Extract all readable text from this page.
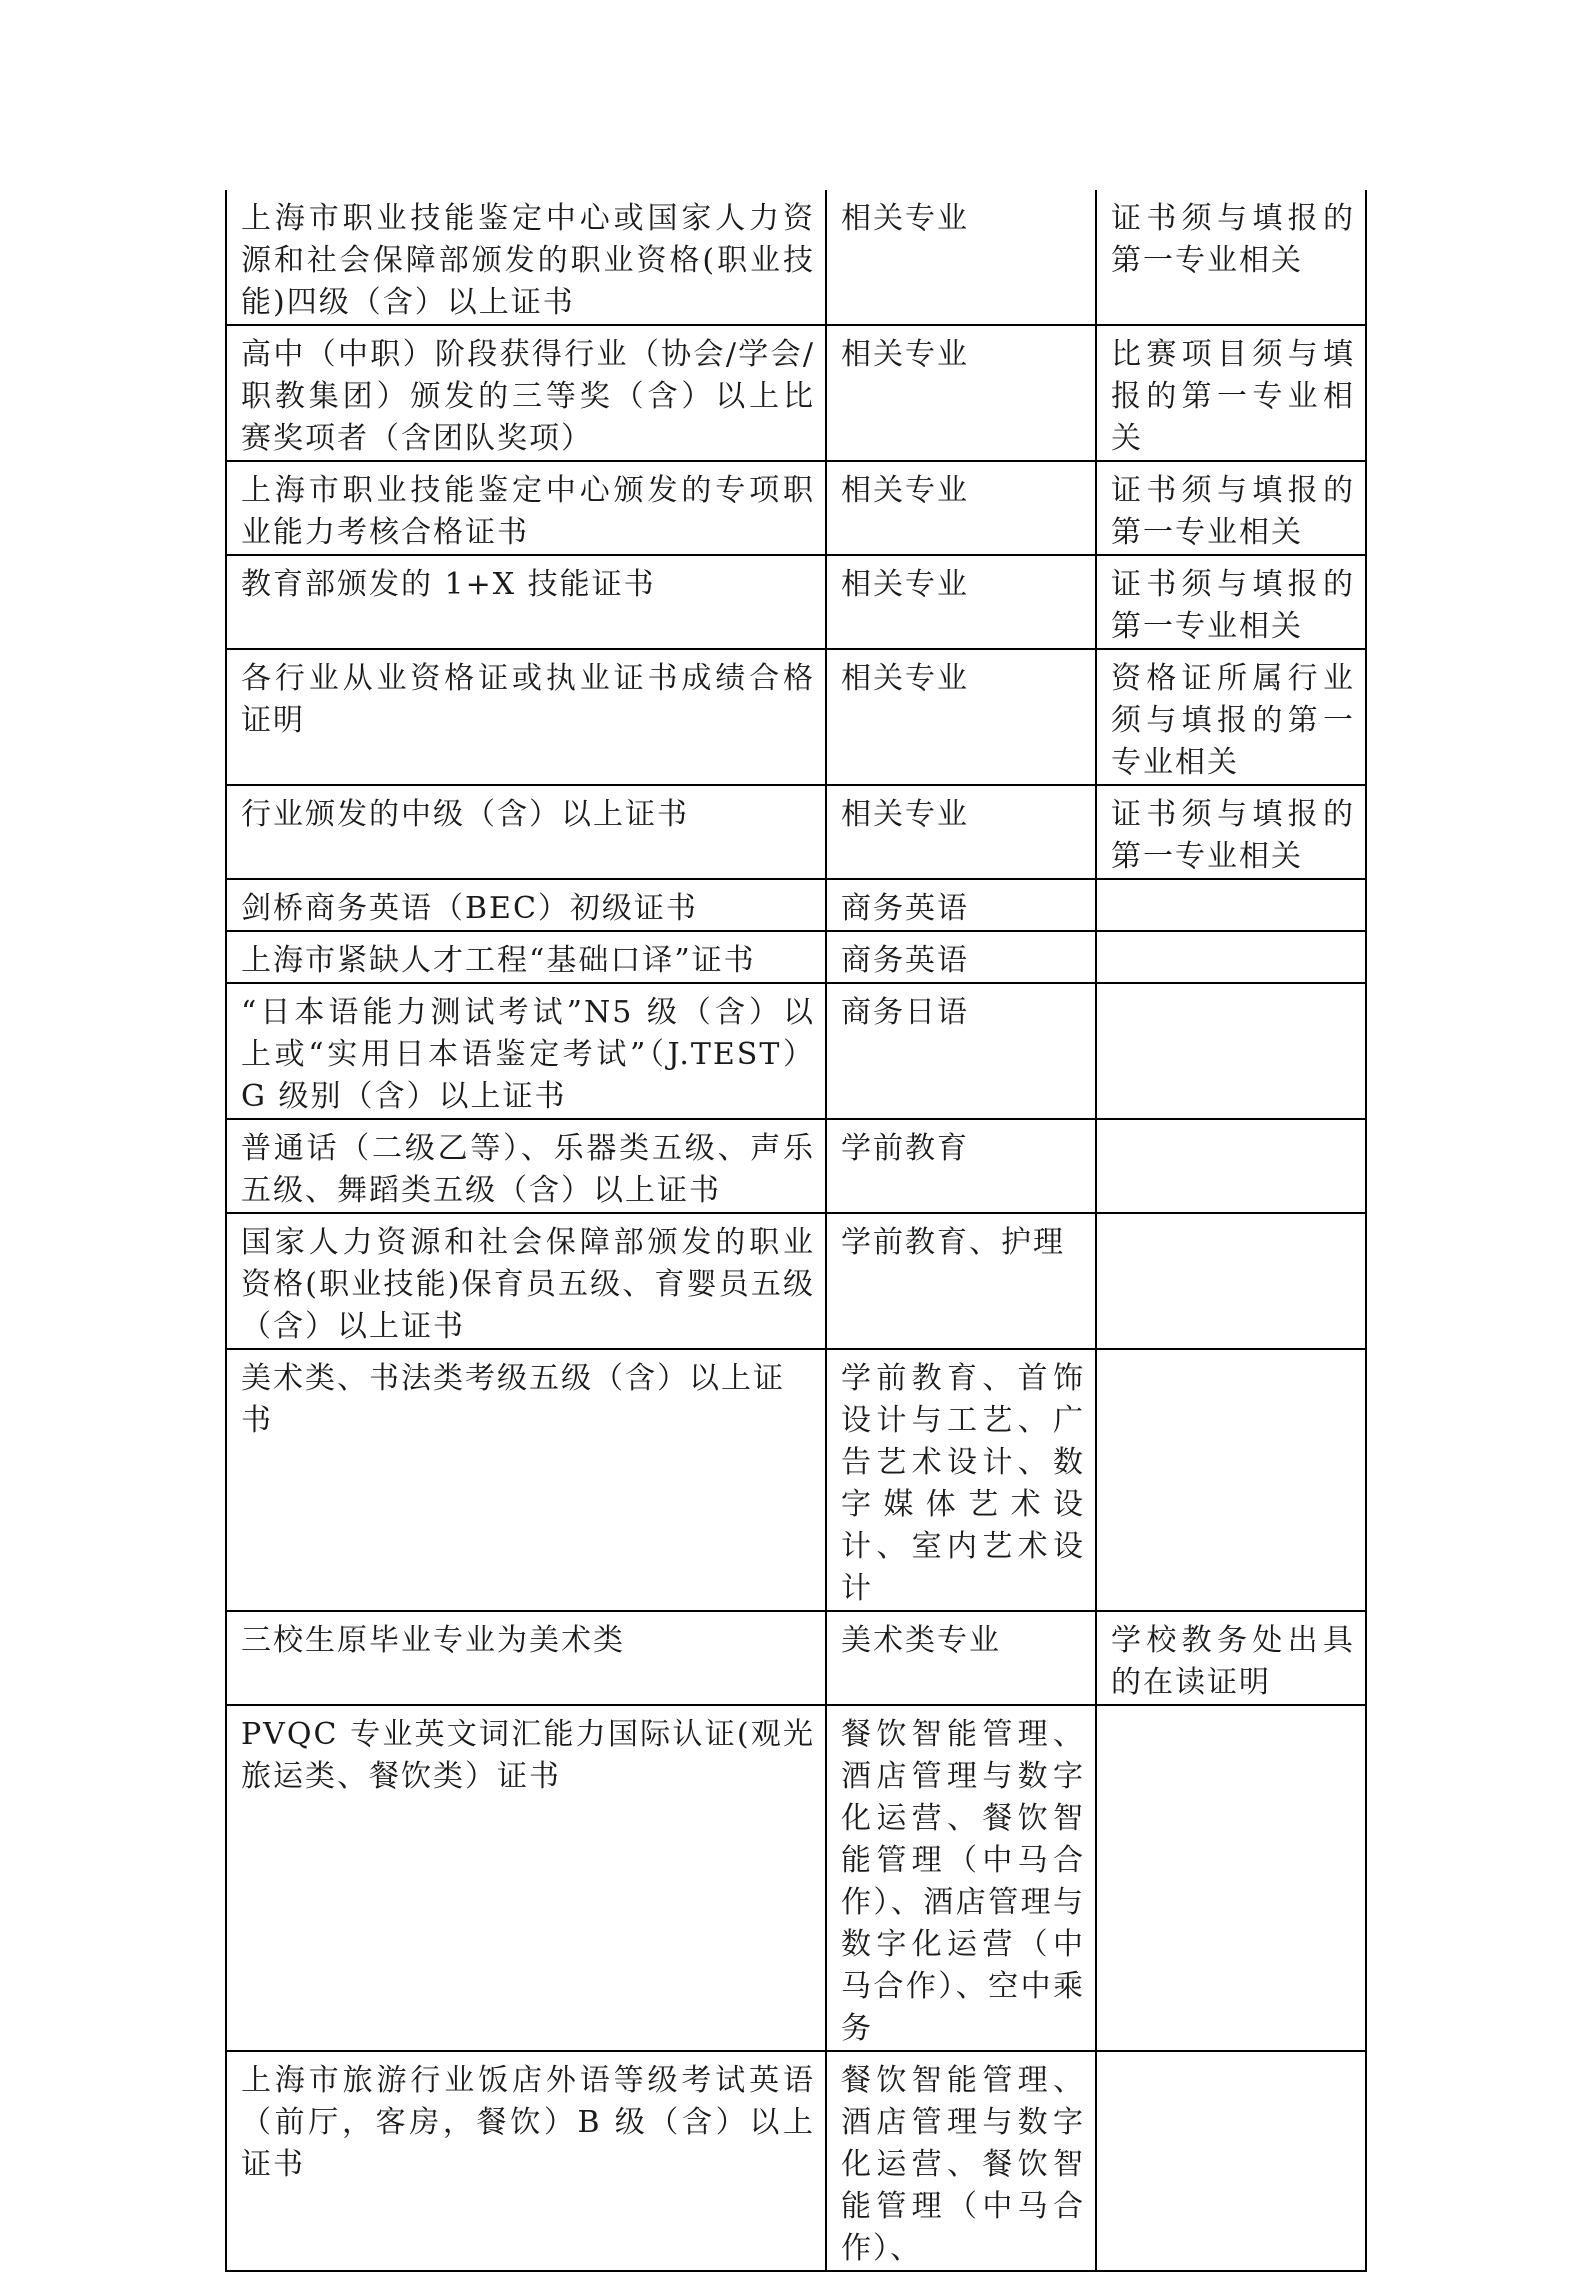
上海市职业技能鉴定中心或国家人力资源和社会保障部颁发的职业资格(职业技能)四级（含）以上证书	相关专业	证书须与填报的第一专业相关
高中（中职）阶段获得行业（协会/学会/职教集团）颁发的三等奖（含）以上比赛奖项者（含团队奖项）	相关专业	比赛项目须与填报的第一专业相关
上海市职业技能鉴定中心颁发的专项职业能力考核合格证书	相关专业	证书须与填报的第一专业相关
教育部颁发的 1+X 技能证书	相关专业	证书须与填报的第一专业相关
各行业从业资格证或执业证书成绩合格证明	相关专业	资格证所属行业须与填报的第一专业相关
行业颁发的中级（含）以上证书	相关专业	证书须与填报的第一专业相关
剑桥商务英语（BEC）初级证书	商务英语	
上海市紧缺人才工程“基础口译”证书	商务英语	
“日本语能力测试考试”N5 级（含）以上或“实用日本语鉴定考试”（J.TEST）G 级别（含）以上证书	商务日语	
普通话（二级乙等）、乐器类五级、声乐五级、舞蹈类五级（含）以上证书	学前教育	
国家人力资源和社会保障部颁发的职业资格(职业技能)保育员五级、育婴员五级（含）以上证书	学前教育、护理	
美术类、书法类考级五级（含）以上证书	学前教育、首饰设计与工艺、广告艺术设计、数字媒体艺术设计、室内艺术设计	
三校生原毕业专业为美术类	美术类专业	学校教务处出具的在读证明
PVQC 专业英文词汇能力国际认证(观光旅运类、餐饮类）证书	餐饮智能管理、酒店管理与数字化运营、餐饮智能管理（中马合作）、酒店管理与数字化运营（中马合作）、空中乘务	
上海市旅游行业饭店外语等级考试英语（前厅，客房，餐饮）B 级（含）以上证书	餐饮智能管理、酒店管理与数字化运营、餐饮智能管理（中马合作）、	
